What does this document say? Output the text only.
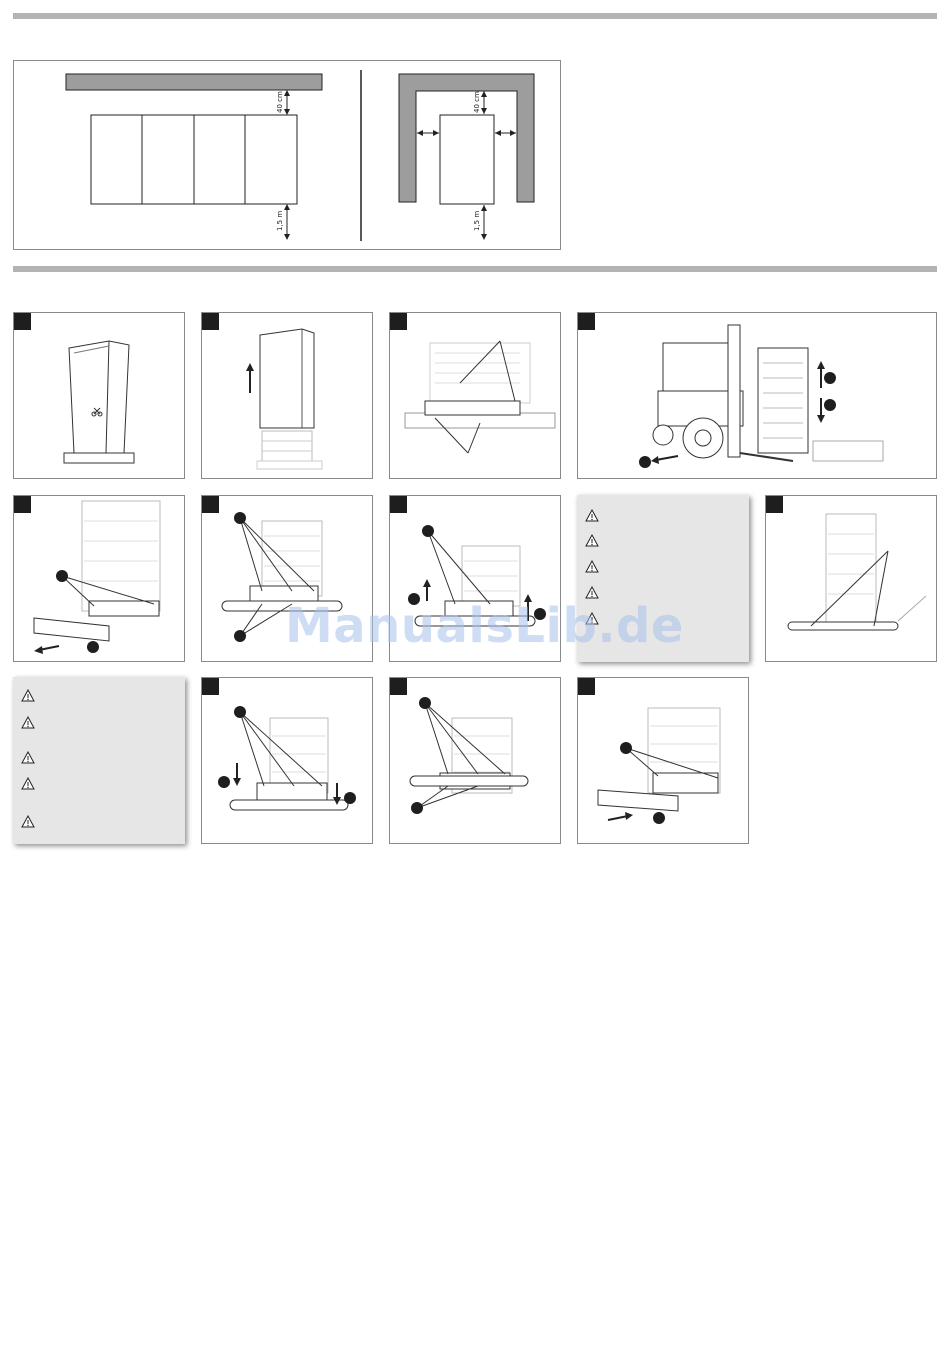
40 cm
1,5 m
40 cm
1,5 m
ManualsLib.de
